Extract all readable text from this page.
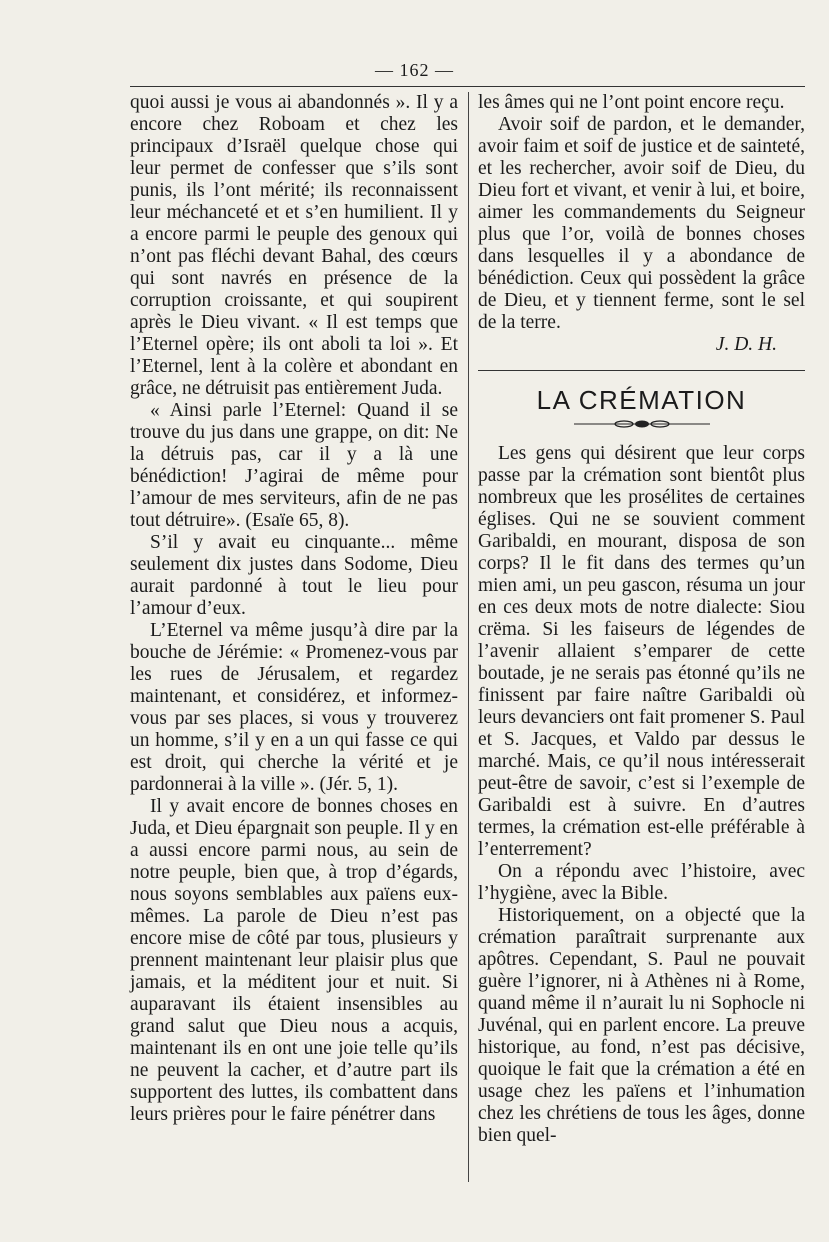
— 162 —

quoi aussi je vous ai abandonnés ». Il y a encore chez Roboam et chez les principaux d’Israël quelque chose qui leur permet de confesser que s’ils sont punis, ils l’ont mérité; ils reconnaissent leur méchanceté et et s’en humilient. Il y a encore parmi le peuple des genoux qui n’ont pas fléchi devant Bahal, des cœurs qui sont navrés en présence de la corruption croissante, et qui soupirent après le Dieu vivant. « Il est temps que l’Eternel opère; ils ont aboli ta loi ». Et l’Eternel, lent à la colère et abondant en grâce, ne détruisit pas entièrement Juda.

« Ainsi parle l’Eternel: Quand il se trouve du jus dans une grappe, on dit: Ne la détruis pas, car il y a là une bénédiction! J’agirai de même pour l’amour de mes serviteurs, afin de ne pas tout détruire». (Esaïe 65, 8).

S’il y avait eu cinquante... même seulement dix justes dans Sodome, Dieu aurait pardonné à tout le lieu pour l’amour d’eux.

L’Eternel va même jusqu’à dire par la bouche de Jérémie: « Promenez-vous par les rues de Jérusalem, et regardez maintenant, et considérez, et informez-vous par ses places, si vous y trouverez un homme, s’il y en a un qui fasse ce qui est droit, qui cherche la vérité et je pardonnerai à la ville ». (Jér. 5, 1).

Il y avait encore de bonnes choses en Juda, et Dieu épargnait son peuple. Il y en a aussi encore parmi nous, au sein de notre peuple, bien que, à trop d’égards, nous soyons semblables aux païens eux-mêmes. La parole de Dieu n’est pas encore mise de côté par tous, plusieurs y prennent maintenant leur plaisir plus que jamais, et la méditent jour et nuit. Si auparavant ils étaient insensibles au grand salut que Dieu nous a acquis, maintenant ils en ont une joie telle qu’ils ne peuvent la cacher, et d’autre part ils supportent des luttes, ils combattent dans leurs prières pour le faire pénétrer dans

les âmes qui ne l’ont point encore reçu.

Avoir soif de pardon, et le demander, avoir faim et soif de justice et de sainteté, et les rechercher, avoir soif de Dieu, du Dieu fort et vivant, et venir à lui, et boire, aimer les commandements du Seigneur plus que l’or, voilà de bonnes choses dans lesquelles il y a abondance de bénédiction. Ceux qui possèdent la grâce de Dieu, et y tiennent ferme, sont le sel de la terre.

J. D. H.

LA CRÉMATION

Les gens qui désirent que leur corps passe par la crémation sont bientôt plus nombreux que les prosélites de certaines églises. Qui ne se souvient comment Garibaldi, en mourant, disposa de son corps? Il le fit dans des termes qu’un mien ami, un peu gascon, résuma un jour en ces deux mots de notre dialecte: Siou crëma. Si les faiseurs de légendes de l’avenir allaient s’emparer de cette boutade, je ne serais pas étonné qu’ils ne finissent par faire naître Garibaldi où leurs devanciers ont fait promener S. Paul et S. Jacques, et Valdo par dessus le marché. Mais, ce qu’il nous intéresserait peut-être de savoir, c’est si l’exemple de Garibaldi est à suivre. En d’autres termes, la crémation est-elle préférable à l’enterrement?

On a répondu avec l’histoire, avec l’hygiène, avec la Bible.

Historiquement, on a objecté que la crémation paraîtrait surprenante aux apôtres. Cependant, S. Paul ne pouvait guère l’ignorer, ni à Athènes ni à Rome, quand même il n’aurait lu ni Sophocle ni Juvénal, qui en parlent encore. La preuve historique, au fond, n’est pas décisive, quoique le fait que la crémation a été en usage chez les païens et l’inhumation chez les chrétiens de tous les âges, donne bien quel-
